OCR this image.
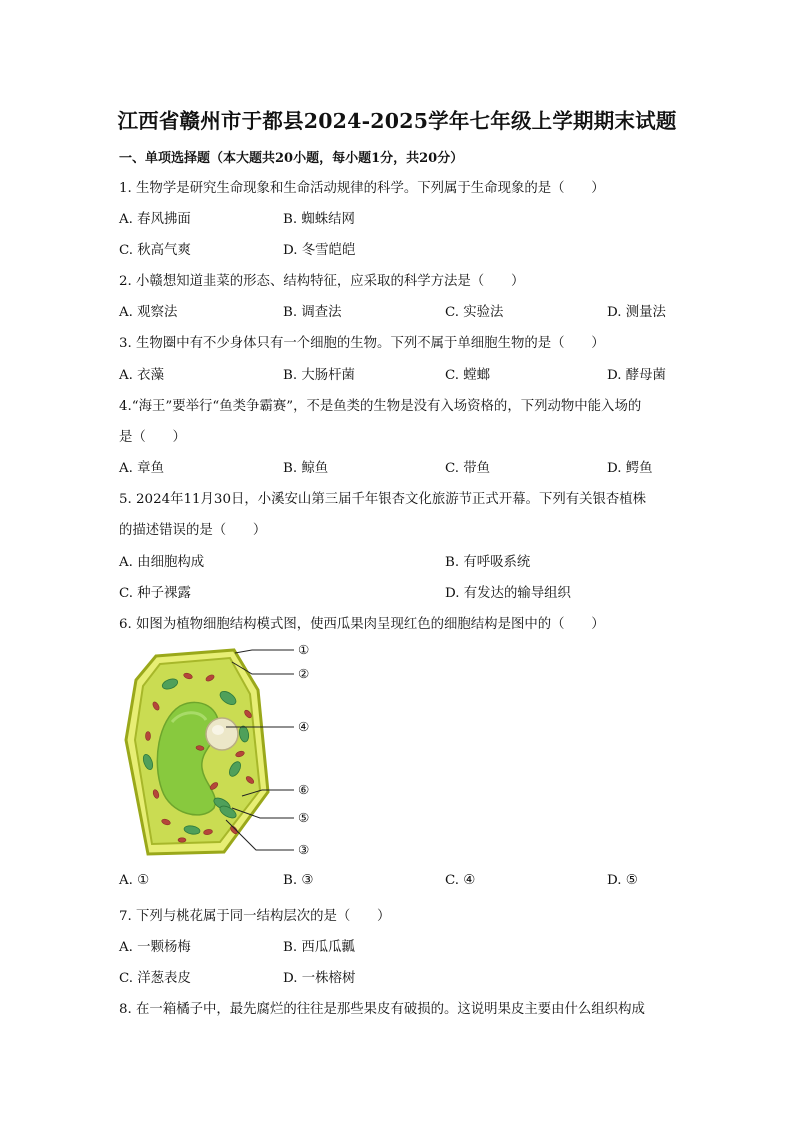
江西省赣州市于都县2024-2025学年七年级上学期期末试题
一、单项选择题（本大题共20小题，每小题1分，共20分）
1. 生物学是研究生命现象和生命活动规律的科学。下列属于生命现象的是（　　）
A. 春风拂面	B. 蜘蛛结网
C. 秋高气爽	D. 冬雪皑皑
2. 小赣想知道韭菜的形态、结构特征，应采取的科学方法是（　　）
A. 观察法	B. 调查法	C. 实验法	D. 测量法
3. 生物圈中有不少身体只有一个细胞的生物。下列不属于单细胞生物的是（　　）
A. 衣藻	B. 大肠杆菌	C. 螳螂	D. 酵母菌
4.“海王”要举行“鱼类争霸赛”，不是鱼类的生物是没有入场资格的，下列动物中能入场的
是（　　）
A. 章鱼	B. 鲸鱼	C. 带鱼	D. 鳄鱼
5. 2024年11月30日，小溪安山第三届千年银杏文化旅游节正式开幕。下列有关银杏植株
的描述错误的是（　　）
A. 由细胞构成	B. 有呼吸系统
C. 种子裸露	D. 有发达的输导组织
6. 如图为植物细胞结构模式图，使西瓜果肉呈现红色的细胞结构是图中的（　　）
①
②
④
⑥
⑤
③
A. ①	B. ③	C. ④	D. ⑤
7. 下列与桃花属于同一结构层次的是（　　）
A. 一颗杨梅	B. 西瓜瓜瓤
C. 洋葱表皮	D. 一株榕树
8. 在一箱橘子中，最先腐烂的往往是那些果皮有破损的。这说明果皮主要由什么组织构成
